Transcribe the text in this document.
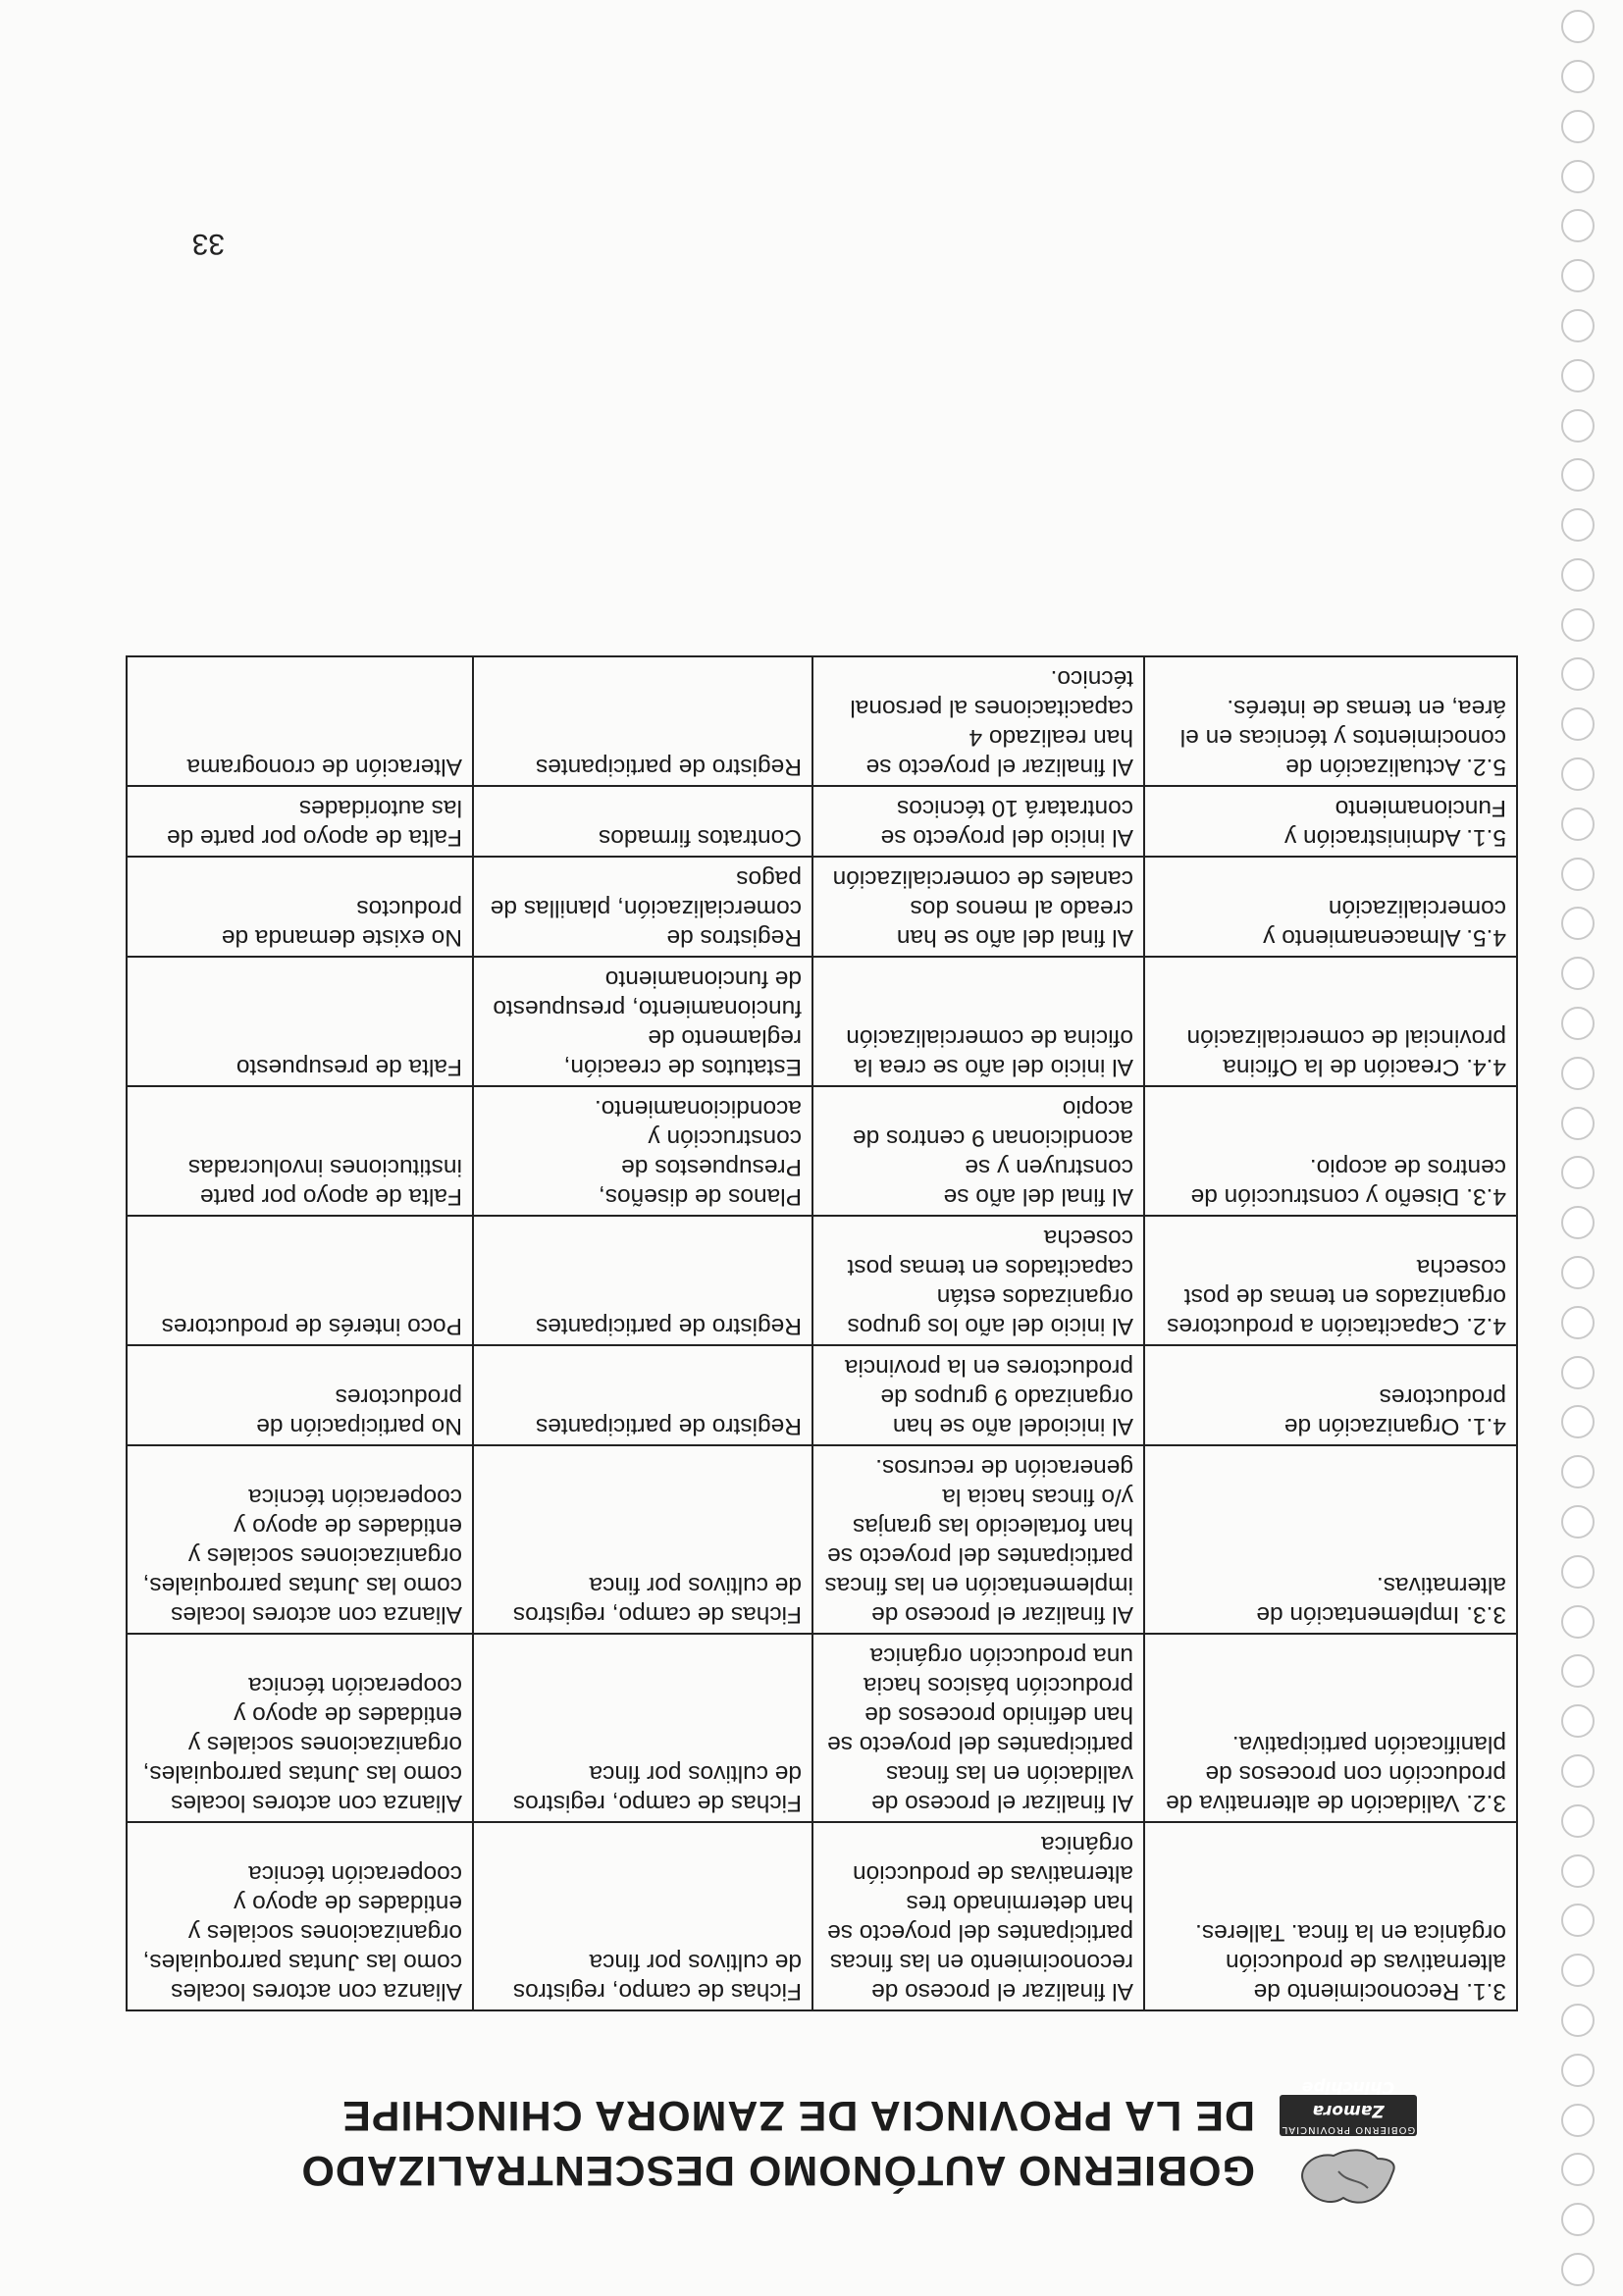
GOBIERNO PROVINCIAL
Zamora Chinchipe
GOBIERNO AUTÓNOMO DESCENTRALIZADO
DE LA PROVINCIA DE ZAMORA CHINCHIPE
3.1. Reconocimiento de alternativas de producción orgánica en la finca. Talleres.	Al finalizar el proceso de reconocimiento en las fincas participantes del proyecto se han determinado tres alternativas de producción orgánica	Fichas de campo, registros de cultivos por finca	Alianza con actores locales como las Juntas parroquiales, organizaciones sociales y entidades de apoyo y cooperación técnica
3.2. Validación de alternativa de producción con procesos de planificación participativa.	Al finalizar el proceso de validación en las fincas participantes del proyecto se han definido procesos de producción básicos hacia una producción orgánica	Fichas de campo, registros de cultivos por finca	Alianza con actores locales como las Juntas parroquiales, organizaciones sociales y entidades de apoyo y cooperación técnica
3.3. Implementación de alternativas.	Al finalizar el proceso de implementación en las fincas participantes del proyecto se han fortalecido las granjas y/o fincas hacia la generación de recursos.	Fichas de campo, registros de cultivos por finca	Alianza con actores locales como las Juntas parroquiales, organizaciones sociales y entidades de apoyo y cooperación técnica
4.1. Organización de productores	Al iniciodel año se han organizado 9 grupos de productores en la provincia	Registro de participantes	No participación de productores
4.2. Capacitación a productores organizados en temas de post cosecha	Al inicio del año los grupos organizados están capacitados en temas post cosecha	Registro de participantes	Poco interés de productores
4.3. Diseño y construcción de centros de acopio.	Al final del año se construyen y se acondicionan 9 centros de acopio	Planos de diseños, Presupuestos de construcción y acondicionamiento.	Falta de apoyo por parte instituciones involucradas
4.4. Creación de la Oficina provincial de comercialización	Al inicio del año se crea la oficina de comercialización	Estatutos de creación, reglamento de funcionamiento, presupuesto de funcionamiento	Falta de presupuesto
4.5. Almacenamiento y comercialización	Al final del año se han creado al menos dos canales de comercialización	Registros de comercialización, planillas de pagos	No existe demanda de productos
5.1. Administración y Funcionamiento	Al inicio del proyecto se contratará 10 técnicos	Contratos firmados	Falta de apoyo por parte de las autoridades
5.2. Actualización de conocimientos y técnicas en el área, en temas de interés.	Al finalizar el proyecto se han realizado 4 capacitaciones al personal técnico.	Registro de participantes	Alteración de cronograma
33
